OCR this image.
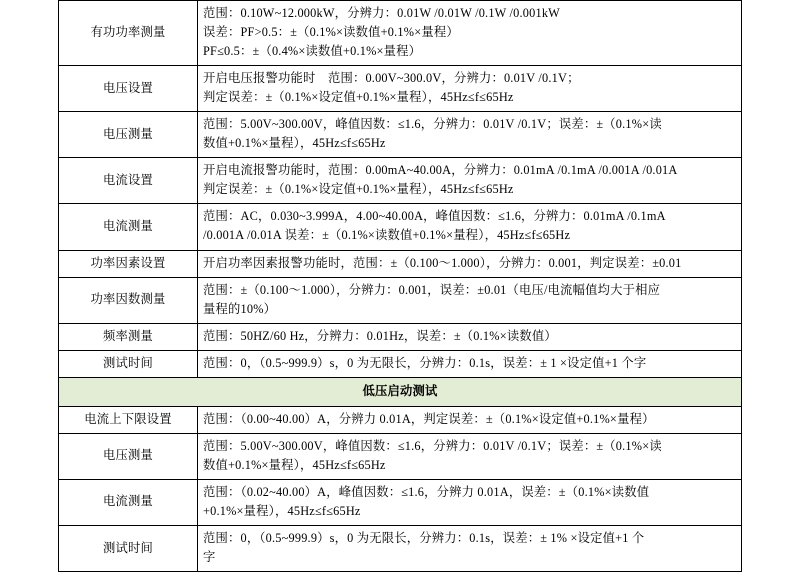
有功功率测量	范围：0.10W~12.000kW，分辨力：0.01W /0.01W /0.1W /0.001kW
误差：PF>0.5：±（0.1%×读数值+0.1%×量程）
PF≤0.5：±（0.4%×读数值+0.1%×量程）

电压设置	开启电压报警功能时　范围：0.00V~300.0V，分辨力：0.01V /0.1V；
判定误差：±（0.1%×设定值+0.1%×量程），45Hz≤f≤65Hz

电压测量	范围：5.00V~300.00V，峰值因数：≤1.6，分辨力：0.01V /0.1V；误差：±（0.1%×读
数值+0.1%×量程），45Hz≤f≤65Hz

电流设置	开启电流报警功能时，范围：0.00mA~40.00A，分辨力：0.01mA /0.1mA /0.001A /0.01A
判定误差：±（0.1%×设定值+0.1%×量程），45Hz≤f≤65Hz

电流测量	范围：AC，0.030~3.999A，4.00~40.00A，峰值因数：≤1.6，分辨力：0.01mA /0.1mA
/0.001A /0.01A 误差：±（0.1%×读数值+0.1%×量程），45Hz≤f≤65Hz

功率因素设置	开启功率因素报警功能时，范围：±（0.100～1.000），分辨力：0.001，判定误差：±0.01

功率因数测量	范围：±（0.100～1.000），分辨力：0.001，误差：±0.01（电压/电流幅值均大于相应
量程的10%）

频率测量	范围：50HZ/60 Hz，分辨力：0.01Hz，误差：±（0.1%×读数值）

测试时间	范围：0，（0.5~999.9）s，0 为无限长，分辨力：0.1s，误差：± 1 ×设定值+1 个字

低压启动测试	
电流上下限设置	范围：（0.00~40.00）A，分辨力 0.01A，判定误差：±（0.1%×设定值+0.1%×量程）

电压测量	范围：5.00V~300.00V，峰值因数：≤1.6，分辨力：0.01V /0.1V；误差：±（0.1%×读
数值+0.1%×量程），45Hz≤f≤65Hz

电流测量	范围：（0.02~40.00）A，峰值因数：≤1.6，分辨力 0.01A，误差：±（0.1%×读数值
+0.1%×量程），45Hz≤f≤65Hz

测试时间	范围：0，（0.5~999.9）s，0 为无限长，分辨力：0.1s，误差：± 1% ×设定值+1 个
字
